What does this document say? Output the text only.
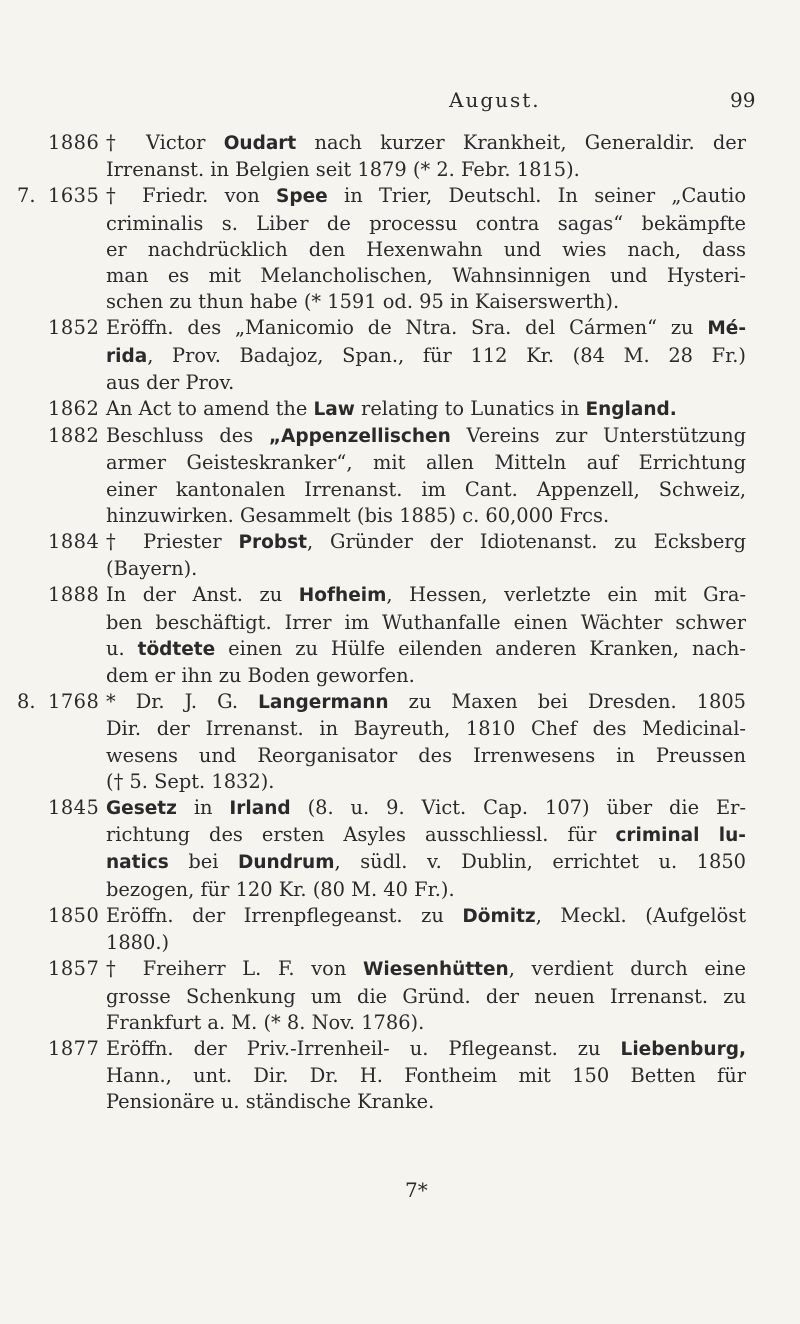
August.	99
1886 † Victor Oudart nach kurzer Krankheit, Generaldir. der
Irrenanst. in Belgien seit 1879 (* 2. Febr. 1815).
7. 1635 † Friedr. von Spee in Trier, Deutschl. In seiner „Cautio
criminalis s. Liber de processu contra sagas“ bekämpfte
er nachdrücklich den Hexenwahn und wies nach, dass
man es mit Melancholischen, Wahnsinnigen und Hysteri-
schen zu thun habe (* 1591 od. 95 in Kaiserswerth).
1852 Eröffn. des „Manicomio de Ntra. Sra. del Cármen“ zu Mé-
rida, Prov. Badajoz, Span., für 112 Kr. (84 M. 28 Fr.)
aus der Prov.
1862 An Act to amend the Law relating to Lunatics in England.
1882 Beschluss des „Appenzellischen Vereins zur Unterstützung
armer Geisteskranker“, mit allen Mitteln auf Errichtung
einer kantonalen Irrenanst. im Cant. Appenzell, Schweiz,
hinzuwirken. Gesammelt (bis 1885) c. 60,000 Frcs.
1884 † Priester Probst, Gründer der Idiotenanst. zu Ecksberg
(Bayern).
1888 In der Anst. zu Hofheim, Hessen, verletzte ein mit Gra-
ben beschäftigt. Irrer im Wuthanfalle einen Wächter schwer
u. tödtete einen zu Hülfe eilenden anderen Kranken, nach-
dem er ihn zu Boden geworfen.
8. 1768 * Dr. J. G. Langermann zu Maxen bei Dresden. 1805
Dir. der Irrenanst. in Bayreuth, 1810 Chef des Medicinal-
wesens und Reorganisator des Irrenwesens in Preussen
(† 5. Sept. 1832).
1845 Gesetz in Irland (8. u. 9. Vict. Cap. 107) über die Er-
richtung des ersten Asyles ausschliessl. für criminal lu-
natics bei Dundrum, südl. v. Dublin, errichtet u. 1850
bezogen, für 120 Kr. (80 M. 40 Fr.).
1850 Eröffn. der Irrenpflegeanst. zu Dömitz, Meckl. (Aufgelöst
1880.)
1857 † Freiherr L. F. von Wiesenhütten, verdient durch eine
grosse Schenkung um die Gründ. der neuen Irrenanst. zu
Frankfurt a. M. (* 8. Nov. 1786).
1877 Eröffn. der Priv.-Irrenheil- u. Pflegeanst. zu Liebenburg,
Hann., unt. Dir. Dr. H. Fontheim mit 150 Betten für
Pensionäre u. ständische Kranke.
7*
